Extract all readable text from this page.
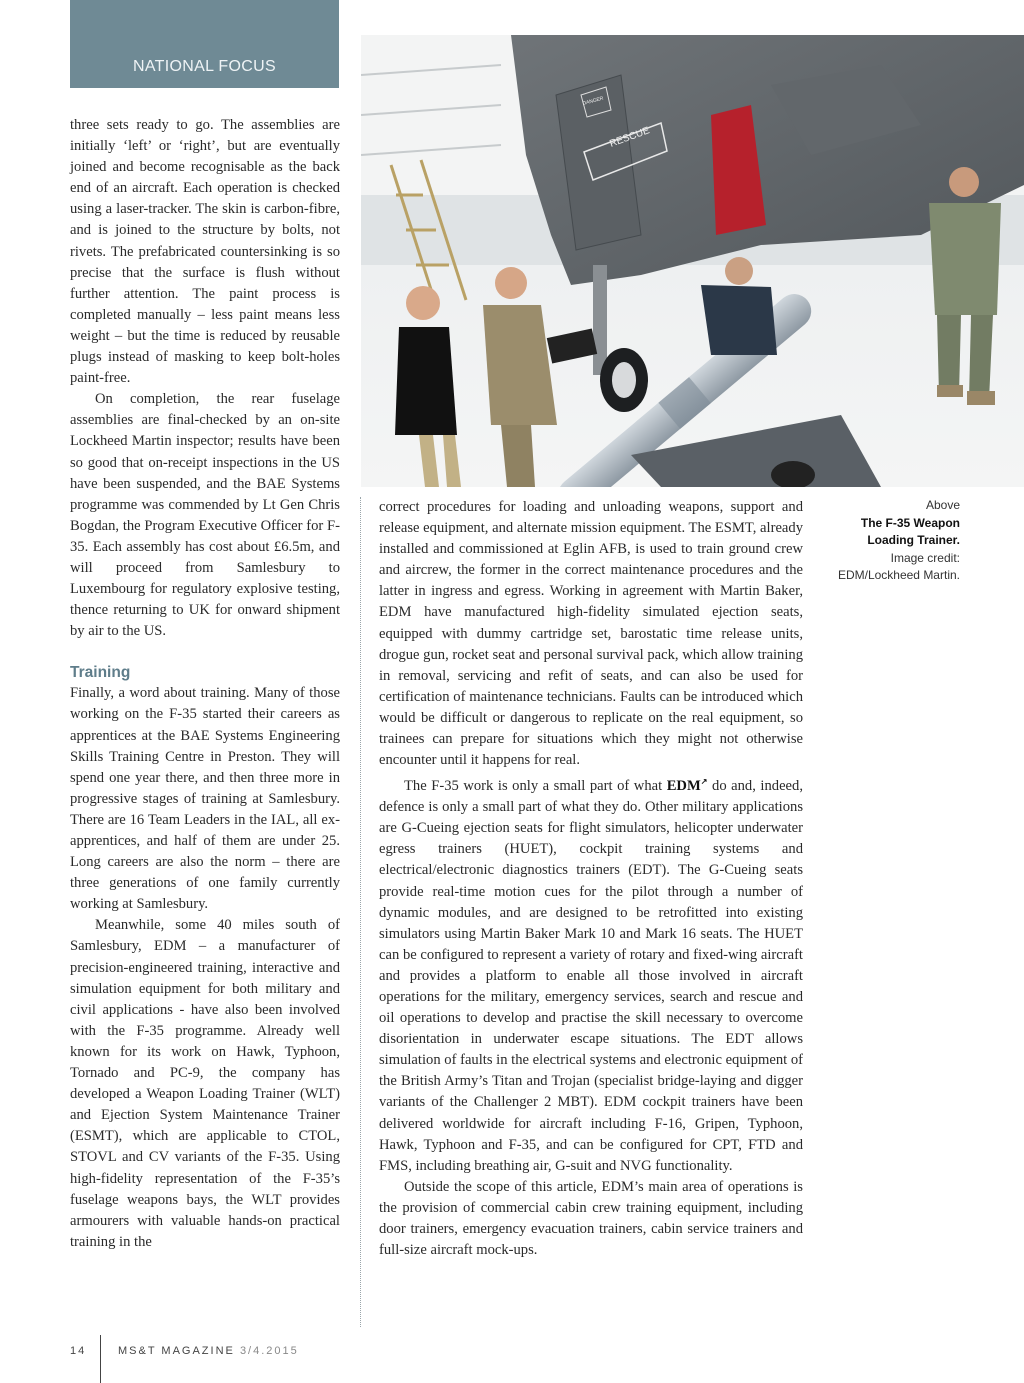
NATIONAL FOCUS

three sets ready to go. The assemblies are initially ‘left’ or ‘right’, but are eventually joined and become recognisable as the back end of an aircraft. Each operation is checked using a laser-tracker. The skin is carbon-fibre, and is joined to the structure by bolts, not rivets. The prefabricated countersinking is so precise that the surface is flush without further attention. The paint process is completed manually – less paint means less weight – but the time is reduced by reusable plugs instead of masking to keep bolt-holes paint-free.

On completion, the rear fuselage assemblies are final-checked by an on-site Lockheed Martin inspector; results have been so good that on-receipt inspections in the US have been suspended, and the BAE Systems programme was commended by Lt Gen Chris Bogdan, the Program Executive Officer for F-35. Each assembly has cost about £6.5m, and will proceed from Samlesbury to Luxembourg for regulatory explosive testing, thence returning to UK for onward shipment by air to the US.

Training

Finally, a word about training. Many of those working on the F-35 started their careers as apprentices at the BAE Systems Engineering Skills Training Centre in Preston. They will spend one year there, and then three more in progressive stages of training at Samlesbury. There are 16 Team Leaders in the IAL, all ex-apprentices, and half of them are under 25. Long careers are also the norm – there are three generations of one family currently working at Samlesbury.

Meanwhile, some 40 miles south of Samlesbury, EDM – a manufacturer of precision-engineered training, interactive and simulation equipment for both military and civil applications - have also been involved with the F-35 programme. Already well known for its work on Hawk, Typhoon, Tornado and PC-9, the company has developed a Weapon Loading Trainer (WLT) and Ejection System Maintenance Trainer (ESMT), which are applicable to CTOL, STOVL and CV variants of the F-35. Using high-fidelity representation of the F-35’s fuselage weapons bays, the WLT provides armourers with valuable hands-on practical training in the

RESCUE
DANGER

correct procedures for loading and unloading weapons, support and release equipment, and alternate mission equipment. The ESMT, already installed and commissioned at Eglin AFB, is used to train ground crew and aircrew, the former in the correct maintenance procedures and the latter in ingress and egress. Working in agreement with Martin Baker, EDM have manufactured high-fidelity simulated ejection seats, equipped with dummy cartridge set, barostatic time release units, drogue gun, rocket seat and personal survival pack, which allow training in removal, servicing and refit of seats, and can also be used for certification of maintenance technicians. Faults can be introduced which would be difficult or dangerous to replicate on the real equipment, so trainees can prepare for situations which they might not otherwise encounter until it happens for real.

The F-35 work is only a small part of what EDM↗ do and, indeed, defence is only a small part of what they do. Other military applications are G-Cueing ejection seats for flight simulators, helicopter underwater egress trainers (HUET), cockpit training systems and electrical/electronic diagnostics trainers (EDT). The G-Cueing seats provide real-time motion cues for the pilot through a number of dynamic modules, and are designed to be retrofitted into existing simulators using Martin Baker Mark 10 and Mark 16 seats. The HUET can be configured to represent a variety of rotary and fixed-wing aircraft and provides a platform to enable all those involved in aircraft operations for the military, emergency services, search and rescue and oil operations to develop and practise the skill necessary to overcome disorientation in underwater escape situations. The EDT allows simulation of faults in the electrical systems and electronic equipment of the British Army’s Titan and Trojan (specialist bridge-laying and digger variants of the Challenger 2 MBT). EDM cockpit trainers have been delivered worldwide for aircraft including F-16, Gripen, Typhoon, Hawk, Typhoon and F-35, and can be configured for CPT, FTD and FMS, including breathing air, G-suit and NVG functionality.

Outside the scope of this article, EDM’s main area of operations is the provision of commercial cabin crew training equipment, including door trainers, emergency evacuation trainers, cabin service trainers and full-size aircraft mock-ups.

Above
The F-35 Weapon
Loading Trainer.
Image credit:
EDM/Lockheed Martin.
14	MS&T MAGAZINE 3/4.2015
